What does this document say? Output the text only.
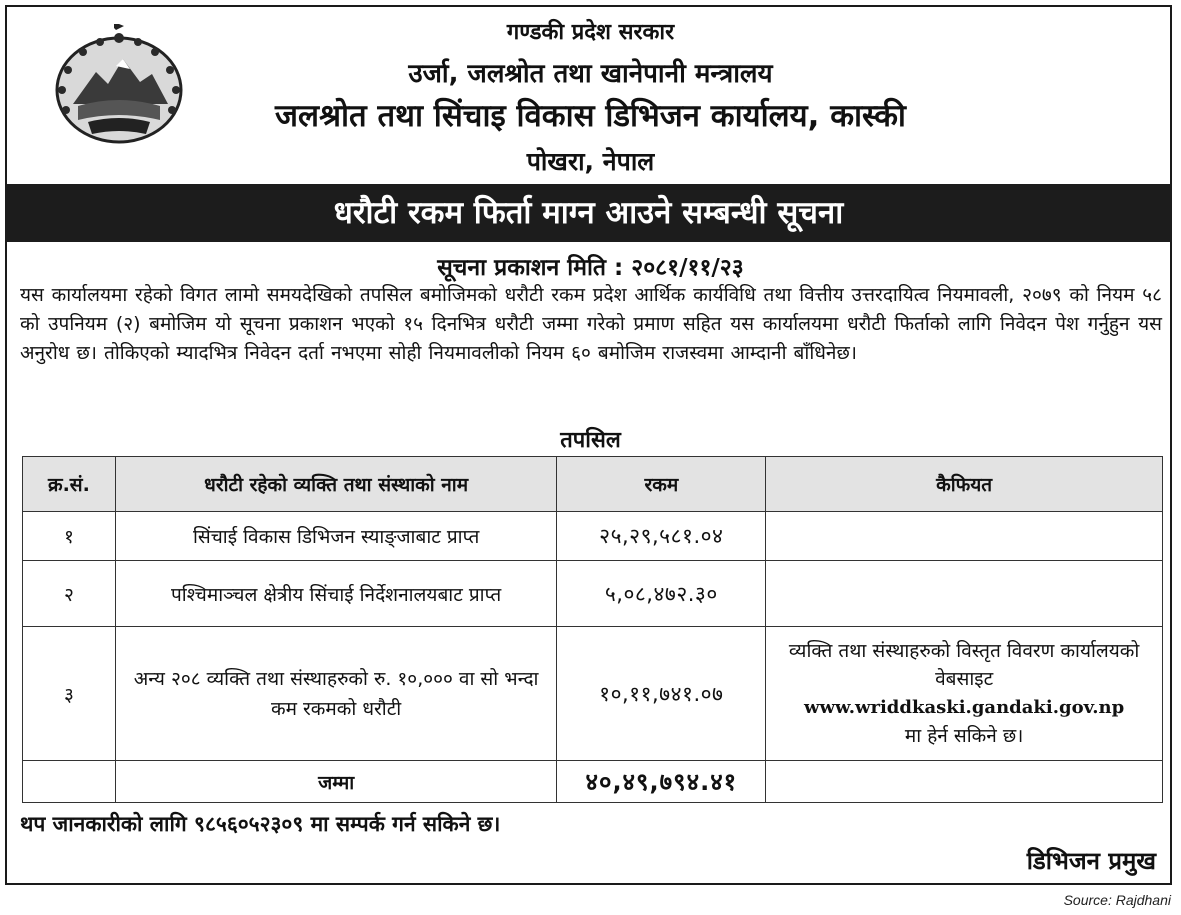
गण्डकी प्रदेश सरकार
उर्जा, जलश्रोत तथा खानेपानी मन्त्रालय
जलश्रोत तथा सिंचाइ विकास डिभिजन कार्यालय, कास्की
पोखरा, नेपाल
धरौटी रकम फिर्ता माग्न आउने सम्बन्धी सूचना
सूचना प्रकाशन मिति : २०८१/११/२३
यस कार्यालयमा रहेको विगत लामो समयदेखिको तपसिल बमोजिमको धरौटी रकम प्रदेश आर्थिक कार्यविधि तथा वित्तीय उत्तरदायित्व नियमावली, २०७९ को नियम ५८ को उपनियम (२) बमोजिम यो सूचना प्रकाशन भएको १५ दिनभित्र धरौटी जम्मा गरेको प्रमाण सहित यस कार्यालयमा धरौटी फिर्ताको लागि निवेदन पेश गर्नुहुन यस अनुरोध छ। तोकिएको म्यादभित्र निवेदन दर्ता नभएमा सोही नियमावलीको नियम ६० बमोजिम राजस्वमा आम्दानी बाँधिनेछ।
तपसिल
क्र.सं.	धरौटी रहेको व्यक्ति तथा संस्थाको नाम	रकम	कैफियत
१	सिंचाई विकास डिभिजन स्याङ्जाबाट प्राप्त	२५,२९,५८१.०४	
२	पश्चिमाञ्चल क्षेत्रीय सिंचाई निर्देशनालयबाट प्राप्त	५,०८,४७२.३०	
३	अन्य २०८ व्यक्ति तथा संस्थाहरुको रु. १०,००० वा सो भन्दा कम रकमको धरौटी	१०,११,७४१.०७	व्यक्ति तथा संस्थाहरुको विस्तृत विवरण कार्यालयको वेबसाइट
www.wriddkaski.gandaki.gov.np
मा हेर्न सकिने छ।
	जम्मा	४०,४९,७९४.४१	
थप जानकारीको लागि ९८५६०५२३०९ मा सम्पर्क गर्न सकिने छ।
डिभिजन प्रमुख
Source: Rajdhani
